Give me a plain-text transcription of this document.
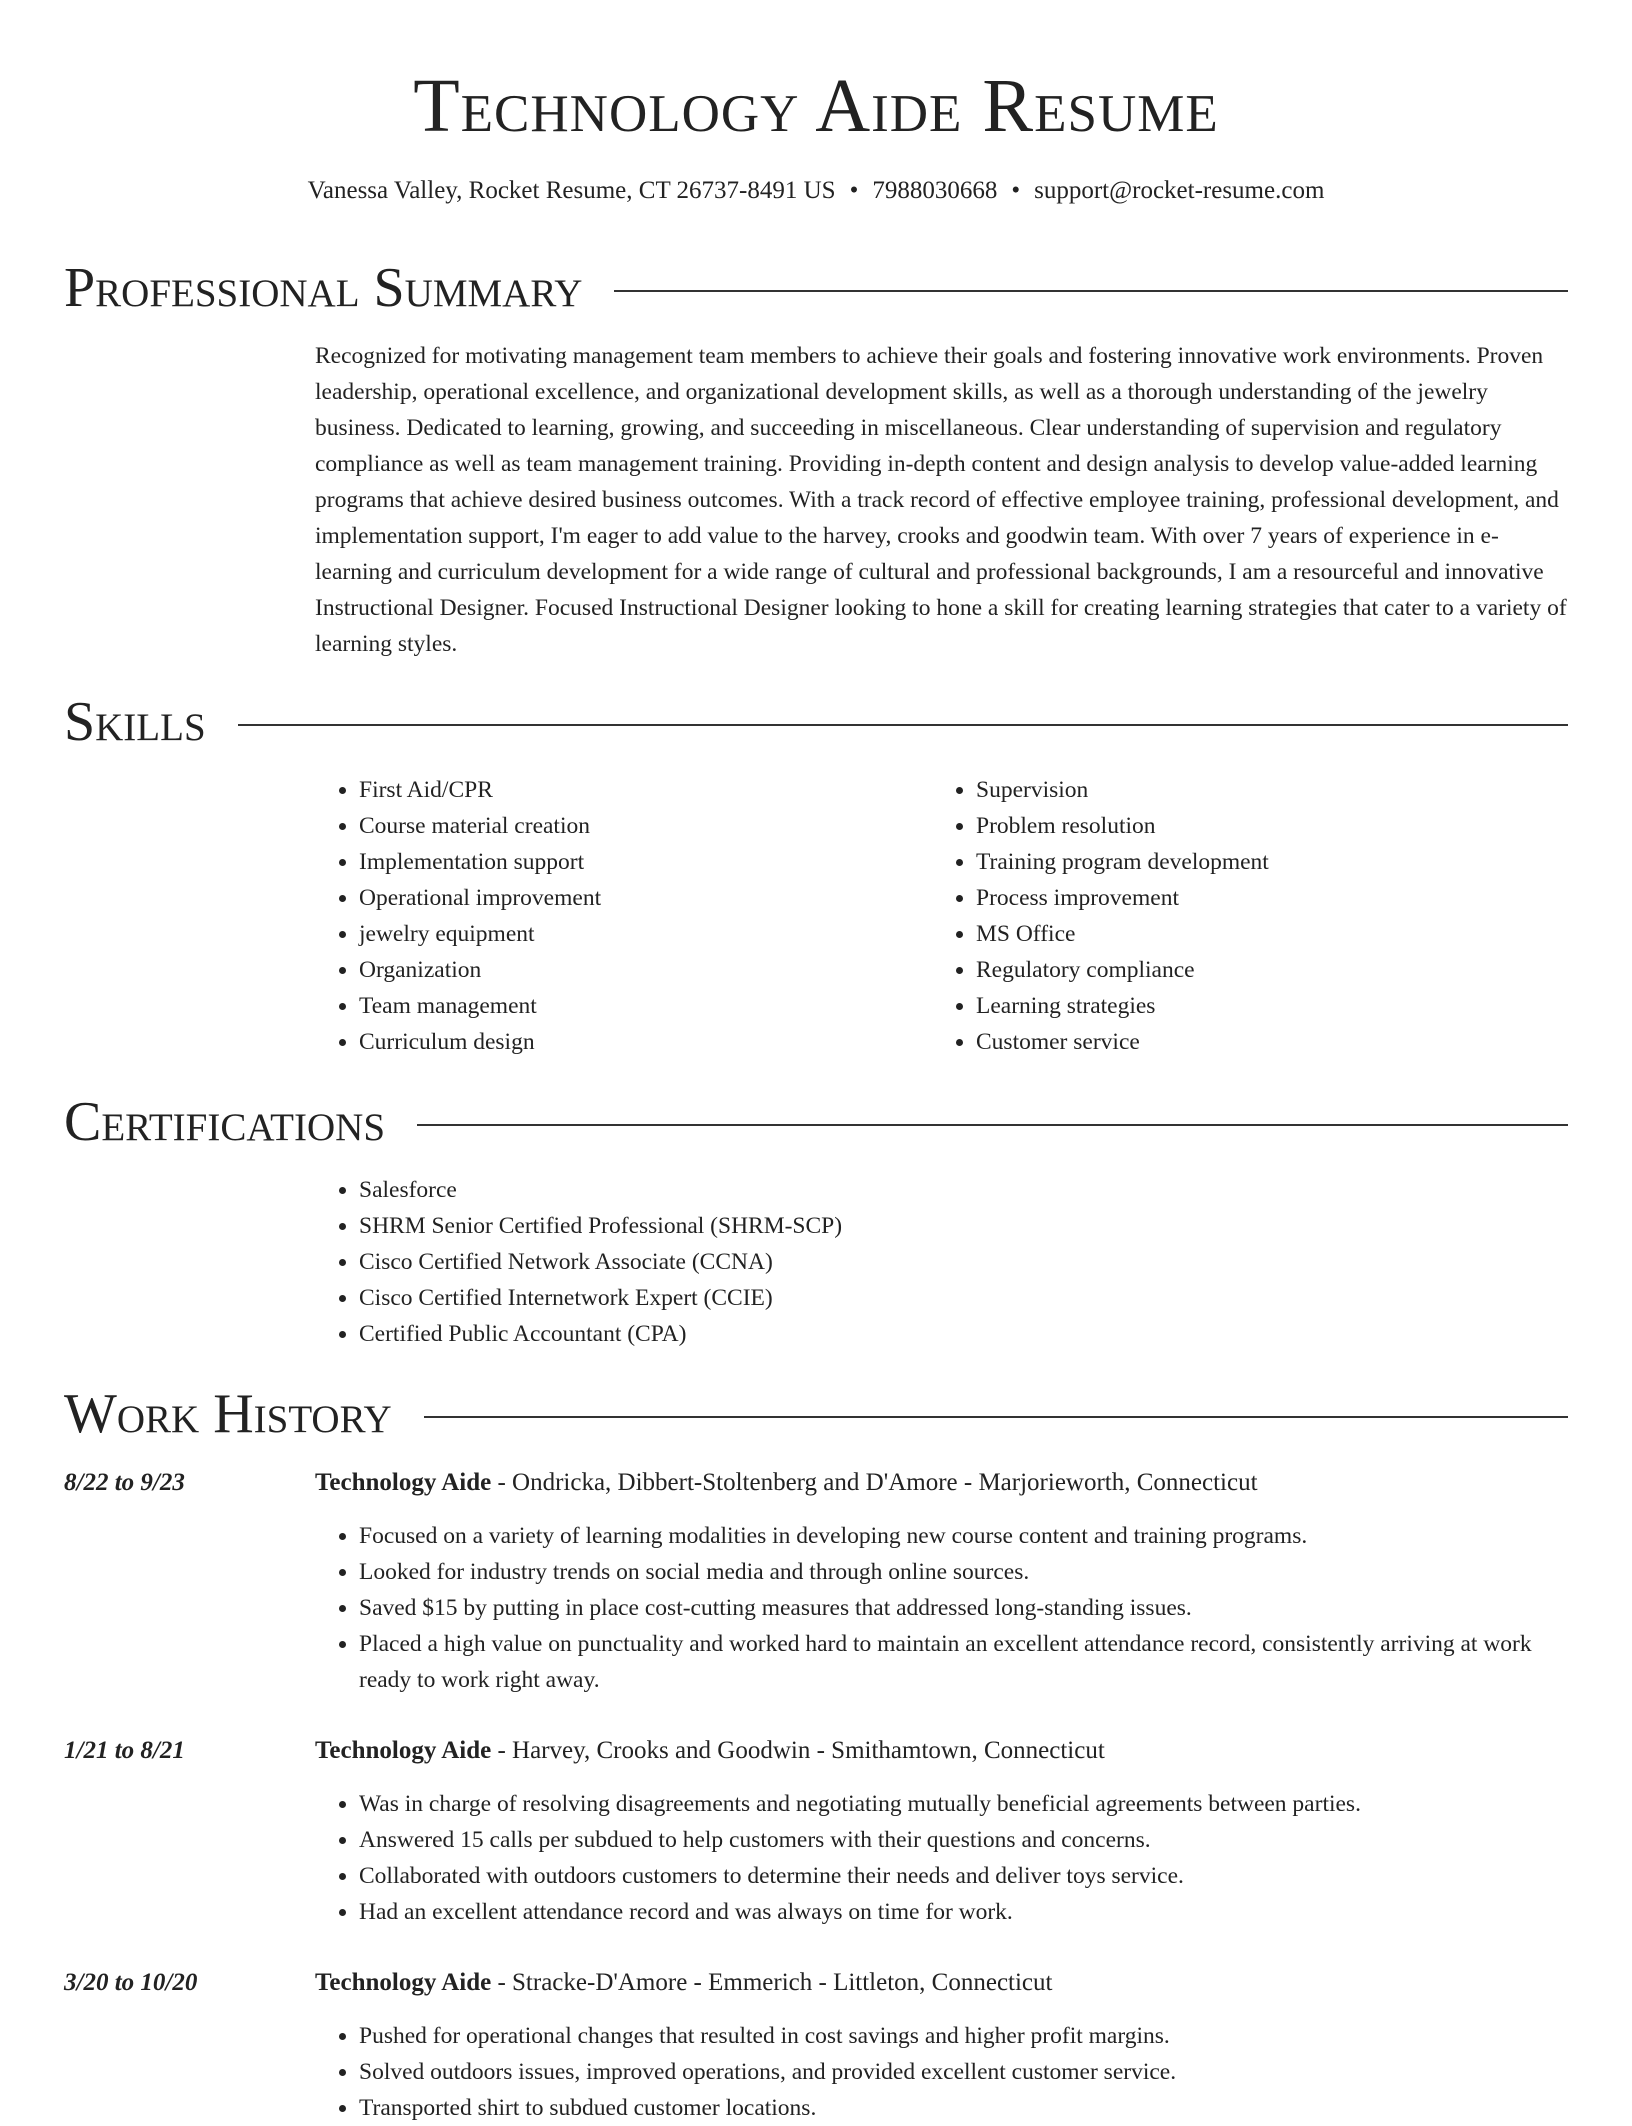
Technology Aide Resume
Vanessa Valley, Rocket Resume, CT 26737-8491 US • 7988030668 • support@rocket-resume.com
Professional Summary
Recognized for motivating management team members to achieve their goals and fostering innovative work environments. Proven leadership, operational excellence, and organizational development skills, as well as a thorough understanding of the jewelry business. Dedicated to learning, growing, and succeeding in miscellaneous. Clear understanding of supervision and regulatory compliance as well as team management training. Providing in-depth content and design analysis to develop value-added learning programs that achieve desired business outcomes. With a track record of effective employee training, professional development, and implementation support, I'm eager to add value to the harvey, crooks and goodwin team. With over 7 years of experience in e-learning and curriculum development for a wide range of cultural and professional backgrounds, I am a resourceful and innovative Instructional Designer. Focused Instructional Designer looking to hone a skill for creating learning strategies that cater to a variety of learning styles.
Skills
• First Aid/CPR
• Course material creation
• Implementation support
• Operational improvement
• jewelry equipment
• Organization
• Team management
• Curriculum design
• Supervision
• Problem resolution
• Training program development
• Process improvement
• MS Office
• Regulatory compliance
• Learning strategies
• Customer service
Certifications
• Salesforce
• SHRM Senior Certified Professional (SHRM-SCP)
• Cisco Certified Network Associate (CCNA)
• Cisco Certified Internetwork Expert (CCIE)
• Certified Public Accountant (CPA)
Work History
8/22 to 9/23	Technology Aide - Ondricka, Dibbert-Stoltenberg and D'Amore - Marjorieworth, Connecticut
• Focused on a variety of learning modalities in developing new course content and training programs.
• Looked for industry trends on social media and through online sources.
• Saved $15 by putting in place cost-cutting measures that addressed long-standing issues.
• Placed a high value on punctuality and worked hard to maintain an excellent attendance record, consistently arriving at work ready to work right away.
1/21 to 8/21	Technology Aide - Harvey, Crooks and Goodwin - Smithamtown, Connecticut
• Was in charge of resolving disagreements and negotiating mutually beneficial agreements between parties.
• Answered 15 calls per subdued to help customers with their questions and concerns.
• Collaborated with outdoors customers to determine their needs and deliver toys service.
• Had an excellent attendance record and was always on time for work.
3/20 to 10/20	Technology Aide - Stracke-D'Amore - Emmerich - Littleton, Connecticut
• Pushed for operational changes that resulted in cost savings and higher profit margins.
• Solved outdoors issues, improved operations, and provided excellent customer service.
• Transported shirt to subdued customer locations.
